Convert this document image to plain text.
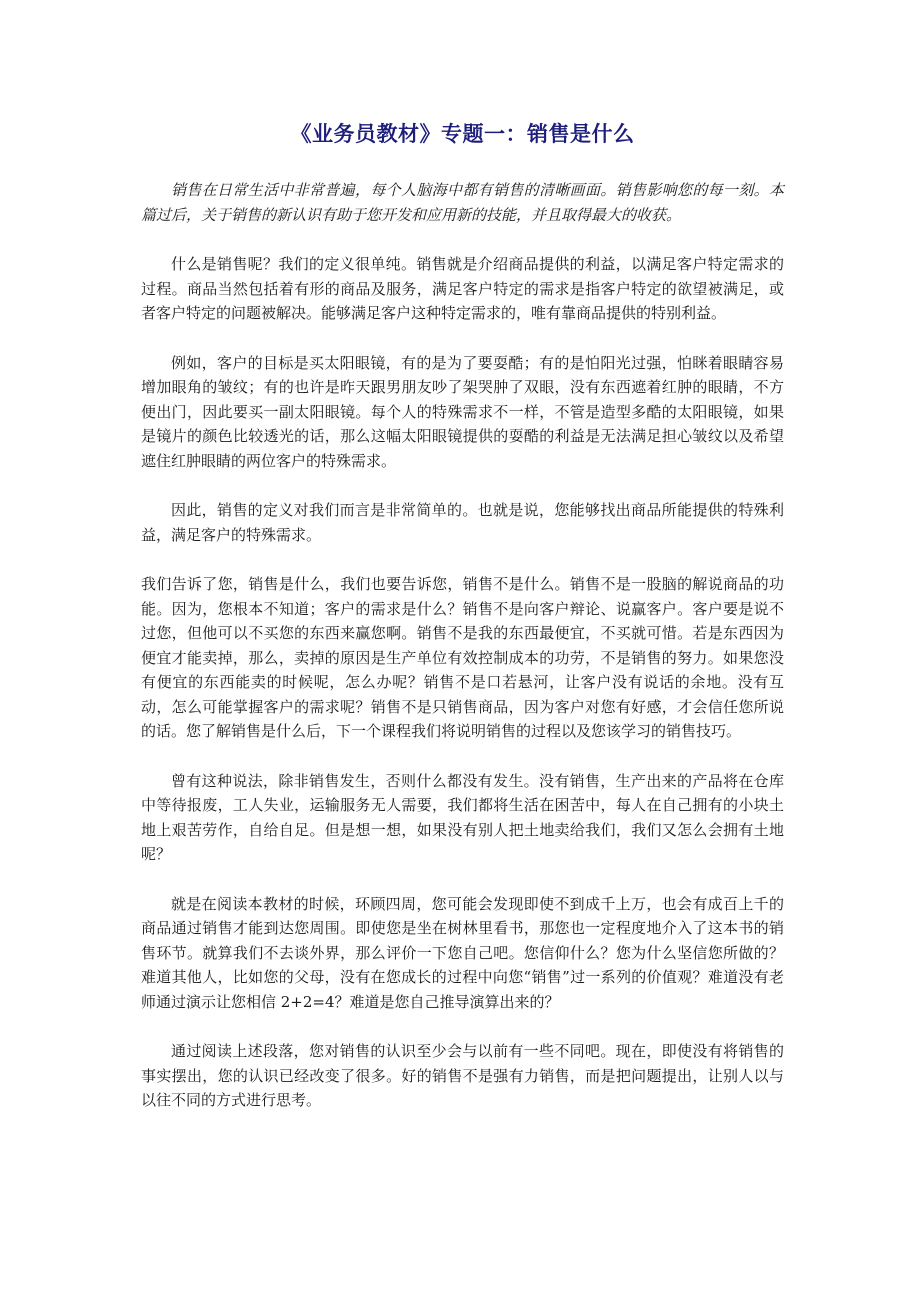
《业务员教材》专题一：销售是什么

销售在日常生活中非常普遍，每个人脑海中都有销售的清晰画面。销售影响您的每一刻。本篇过后，关于销售的新认识有助于您开发和应用新的技能，并且取得最大的收获。

什么是销售呢？我们的定义很单纯。销售就是介绍商品提供的利益，以满足客户特定需求的过程。商品当然包括着有形的商品及服务，满足客户特定的需求是指客户特定的欲望被满足，或者客户特定的问题被解决。能够满足客户这种特定需求的，唯有靠商品提供的特别利益。

例如，客户的目标是买太阳眼镜，有的是为了要耍酷；有的是怕阳光过强，怕眯着眼睛容易增加眼角的皱纹；有的也许是昨天跟男朋友吵了架哭肿了双眼，没有东西遮着红肿的眼睛，不方便出门，因此要买一副太阳眼镜。每个人的特殊需求不一样，不管是造型多酷的太阳眼镜，如果是镜片的颜色比较透光的话，那么这幅太阳眼镜提供的耍酷的利益是无法满足担心皱纹以及希望遮住红肿眼睛的两位客户的特殊需求。

因此，销售的定义对我们而言是非常简单的。也就是说，您能够找出商品所能提供的特殊利益，满足客户的特殊需求。

我们告诉了您，销售是什么，我们也要告诉您，销售不是什么。销售不是一股脑的解说商品的功能。因为，您根本不知道；客户的需求是什么？销售不是向客户辩论、说赢客户。客户要是说不过您，但他可以不买您的东西来赢您啊。销售不是我的东西最便宜，不买就可惜。若是东西因为便宜才能卖掉，那么，卖掉的原因是生产单位有效控制成本的功劳，不是销售的努力。如果您没有便宜的东西能卖的时候呢，怎么办呢？销售不是口若悬河，让客户没有说话的余地。没有互动，怎么可能掌握客户的需求呢？销售不是只销售商品，因为客户对您有好感，才会信任您所说的话。您了解销售是什么后，下一个课程我们将说明销售的过程以及您该学习的销售技巧。

曾有这种说法，除非销售发生，否则什么都没有发生。没有销售，生产出来的产品将在仓库中等待报废，工人失业，运输服务无人需要，我们都将生活在困苦中，每人在自己拥有的小块土地上艰苦劳作，自给自足。但是想一想，如果没有别人把土地卖给我们，我们又怎么会拥有土地呢？

就是在阅读本教材的时候，环顾四周，您可能会发现即使不到成千上万，也会有成百上千的商品通过销售才能到达您周围。即使您是坐在树林里看书，那您也一定程度地介入了这本书的销售环节。就算我们不去谈外界，那么评价一下您自己吧。您信仰什么？您为什么坚信您所做的？难道其他人，比如您的父母，没有在您成长的过程中向您“销售”过一系列的价值观？难道没有老师通过演示让您相信 2+2=4？难道是您自己推导演算出来的？

通过阅读上述段落，您对销售的认识至少会与以前有一些不同吧。现在，即使没有将销售的事实摆出，您的认识已经改变了很多。好的销售不是强有力销售，而是把问题提出，让别人以与以往不同的方式进行思考。
